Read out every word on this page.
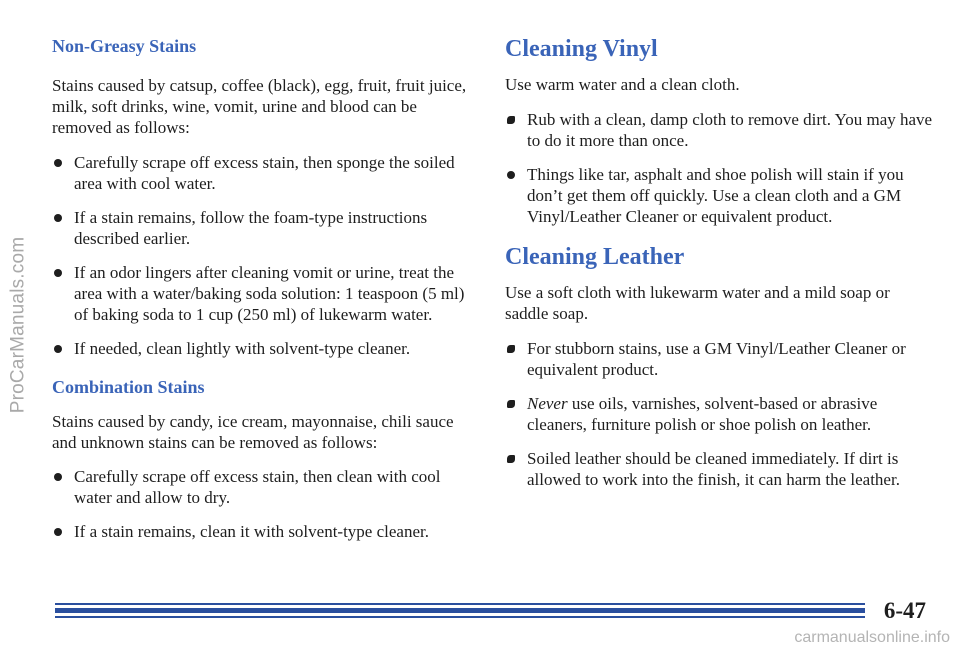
ProCarManuals.com
Non-Greasy Stains

Stains caused by catsup, coffee (black), egg, fruit, fruit juice, milk, soft drinks, wine, vomit, urine and blood can be removed as follows:

Carefully scrape off excess stain, then sponge the soiled area with cool water.
If a stain remains, follow the foam-type instructions described earlier.
If an odor lingers after cleaning vomit or urine, treat the area with a water/baking soda solution: 1 teaspoon (5 ml) of baking soda to 1 cup (250 ml) of lukewarm water.
If needed, clean lightly with solvent-type cleaner.
Combination Stains

Stains caused by candy, ice cream, mayonnaise, chili sauce and unknown stains can be removed as follows:

Carefully scrape off excess stain, then clean with cool water and allow to dry.
If a stain remains, clean it with solvent-type cleaner.
Cleaning Vinyl

Use warm water and a clean cloth.

Rub with a clean, damp cloth to remove dirt. You may have to do it more than once.
Things like tar, asphalt and shoe polish will stain if you don’t get them off quickly. Use a clean cloth and a GM Vinyl/Leather Cleaner or equivalent product.
Cleaning Leather

Use a soft cloth with lukewarm water and a mild soap or saddle soap.

For stubborn stains, use a GM Vinyl/Leather Cleaner or equivalent product.
Never use oils, varnishes, solvent-based or abrasive cleaners, furniture polish or shoe polish on leather.
Soiled leather should be cleaned immediately. If dirt is allowed to work into the finish, it can harm the leather.
6-47
carmanualsonline.info
